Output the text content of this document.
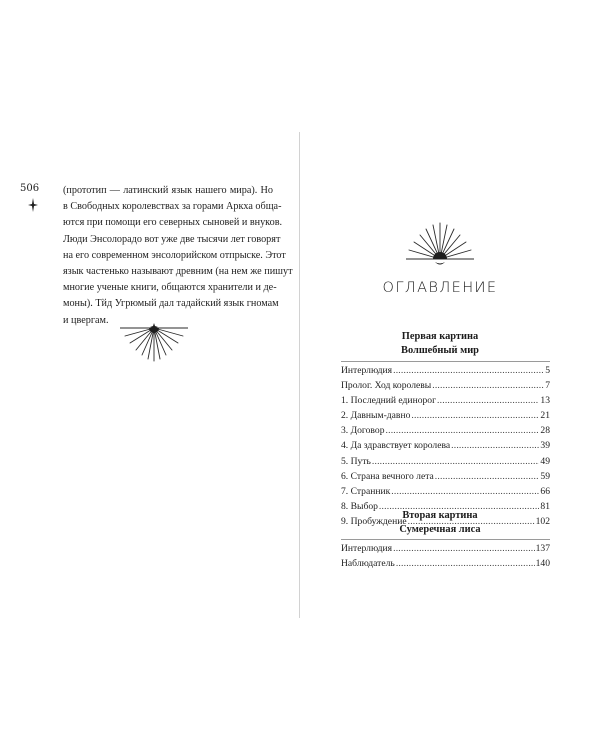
506 (прототип — латинский язык нашего мира). Но
в Свободных королевствах за горами Аркха обща-
ются при помощи его северных сыновей и внуков.
Люди Энсолорадо вот уже две тысячи лет говорят
на его современном энсолорийском отпрыске. Этот
язык частенько называют древним (на нем же пишут
многие ученые книги, общаются хранители и де-
моны). Тйд Угрюмый дал тадайский язык гномам
и цвергам.
ОГЛАВЛЕНИЕ
Первая картина
Волшебный мир
Интерлюдия .....	5
Пролог. Ход королевы .....	7
1. Последний единорог .....	13
2. Давным-давно .....	21
3. Договор .....	28
4. Да здравствует королева .....	39
5. Путь .....	49
6. Страна вечного лета .....	59
7. Странник .....	66
8. Выбор .....	81
9. Пробуждение .....	102
Вторая картина
Сумеречная лиса
Интерлюдия .....	137
Наблюдатель .....	140
